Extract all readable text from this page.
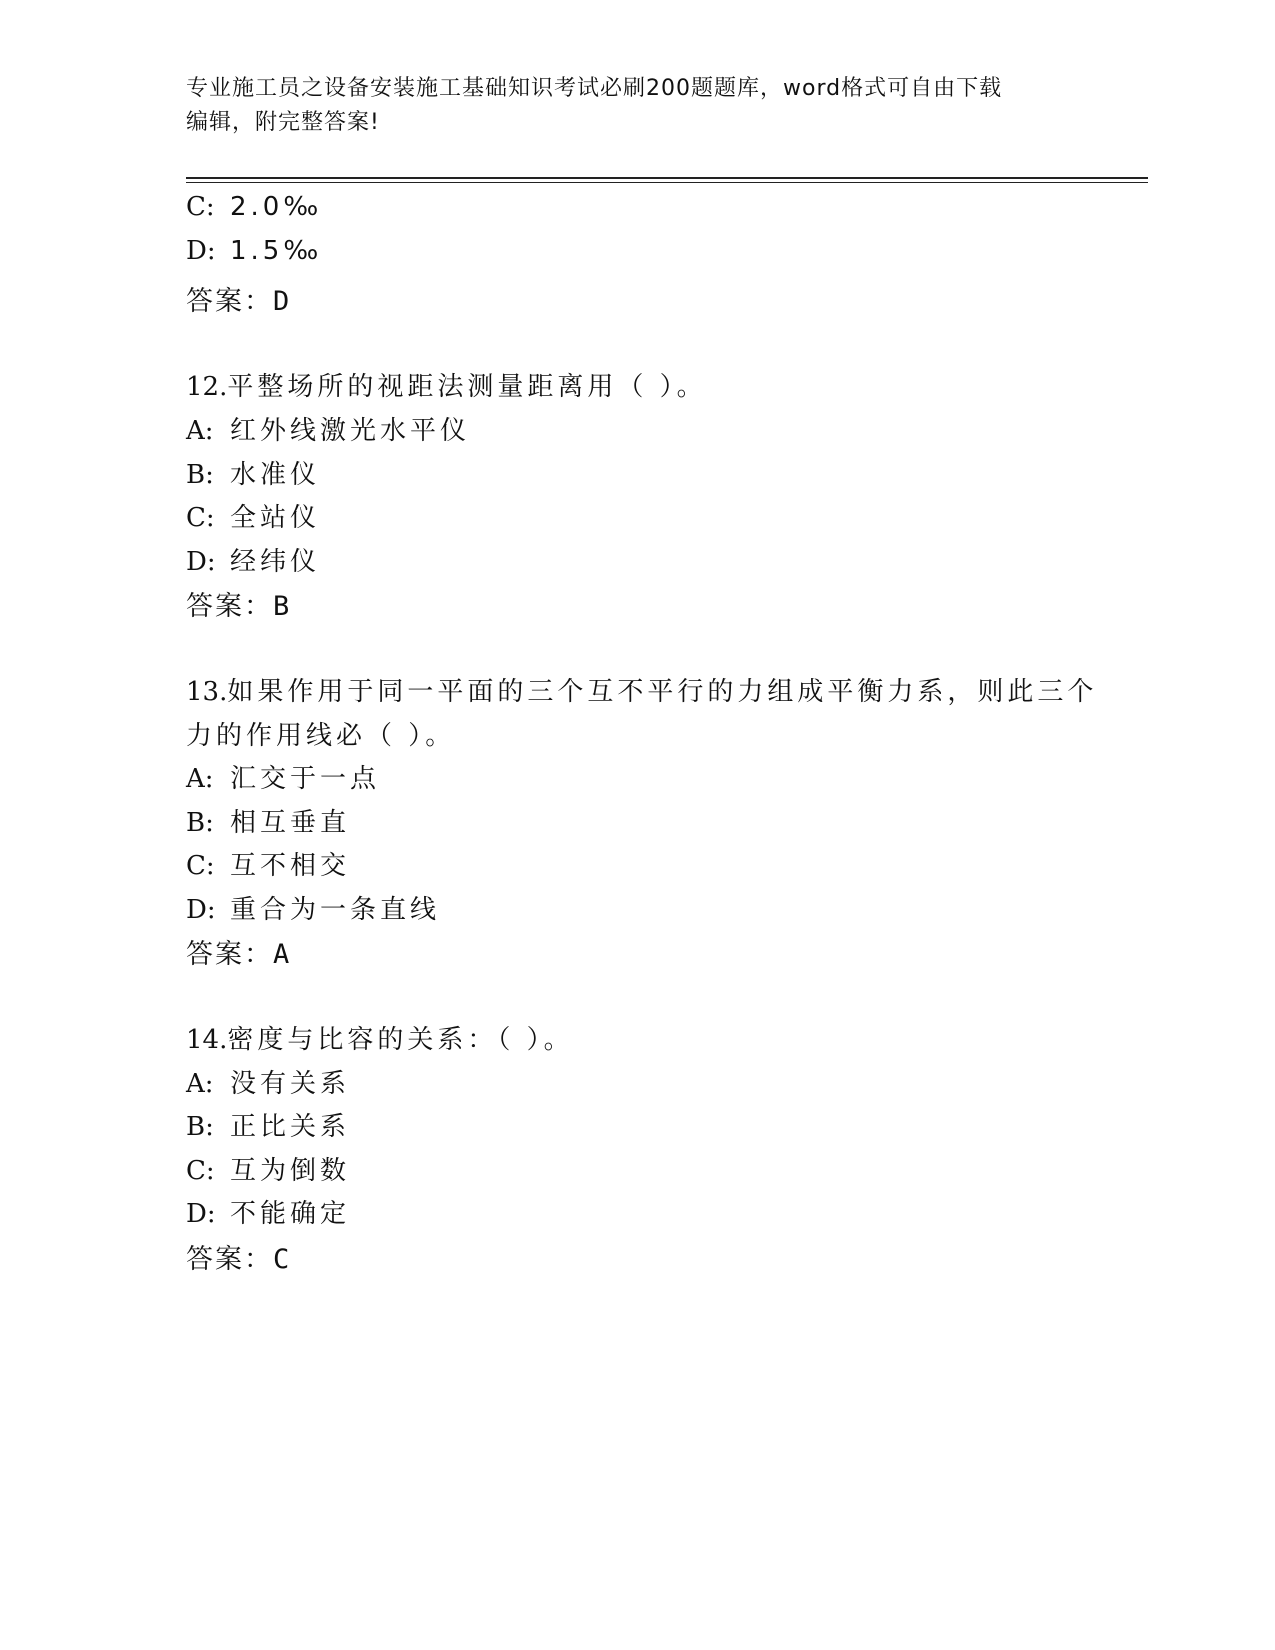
专业施工员之设备安装施工基础知识考试必刷200题题库，word格式可自由下载
编辑，附完整答案!
C: 2.0‰
D: 1.5‰
答案：D
12.平整场所的视距法测量距离用（ ）。
A: 红外线激光水平仪
B: 水准仪
C: 全站仪
D: 经纬仪
答案：B
13.如果作用于同一平面的三个互不平行的力组成平衡力系，则此三个
力的作用线必（ ）。
A: 汇交于一点
B: 相互垂直
C: 互不相交
D: 重合为一条直线
答案：A
14.密度与比容的关系：（ ）。
A: 没有关系
B: 正比关系
C: 互为倒数
D: 不能确定
答案：C
